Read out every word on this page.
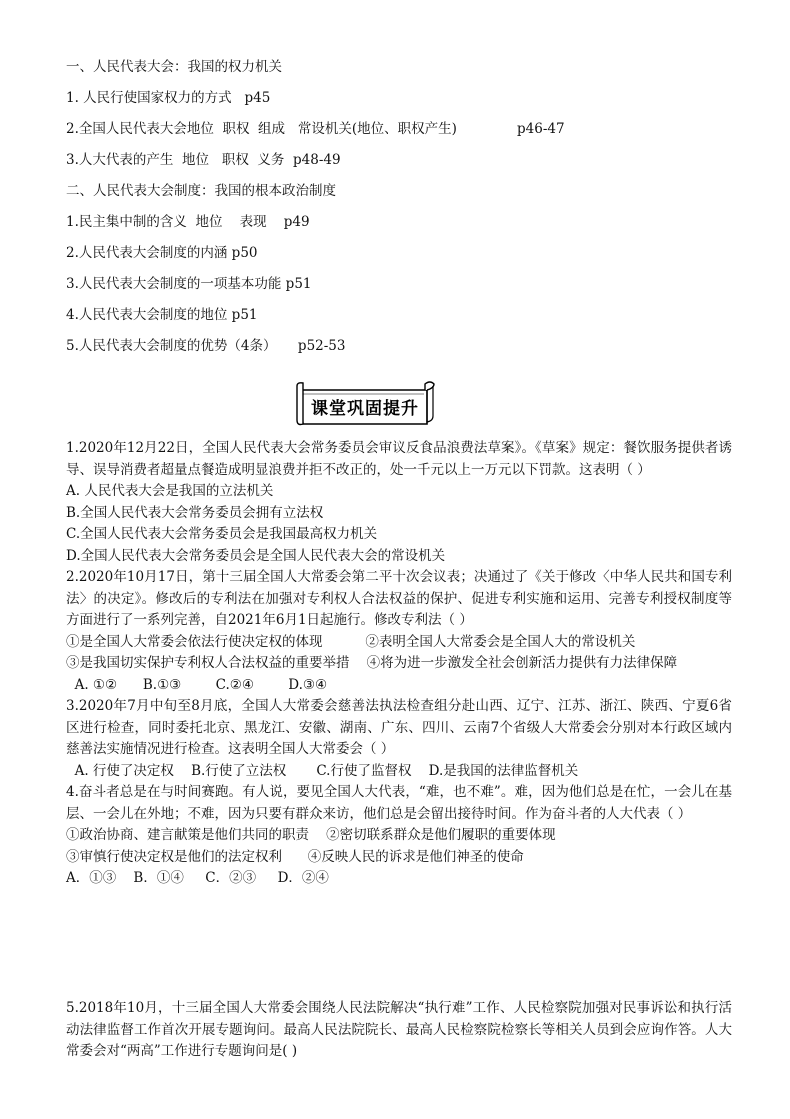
一、人民代表大会：我国的权力机关
1. 人民行使国家权力的方式   p45
2.全国人民代表大会地位  职权  组成   常设机关(地位、职权产生)              p46-47
3.人大代表的产生  地位   职权  义务  p48-49
二、人民代表大会制度：我国的根本政治制度
1.民主集中制的含义  地位    表现    p49
2.人民代表大会制度的内涵 p50
3.人民代表大会制度的一项基本功能 p51
4.人民代表大会制度的地位 p51
5.人民代表大会制度的优势（4条）     p52-53
课堂巩固提升
1.2020年12月22日，全国人民代表大会常务委员会审议反食品浪费法草案》。《草案》规定：餐饮服务提供者诱导、误导消费者超量点餐造成明显浪费并拒不改正的，处一千元以上一万元以下罚款。这表明（ ）
A. 人民代表大会是我国的立法机关
B.全国人民代表大会常务委员会拥有立法权
C.全国人民代表大会常务委员会是我国最高权力机关
D.全国人民代表大会常务委员会是全国人民代表大会的常设机关
2.2020年10月17日，第十三届全国人大常委会第二平十次会议表；决通过了《关于修改〈中华人民共和国专利法〉的决定》。修改后的专利法在加强对专利权人合法权益的保护、促进专利实施和运用、完善专利授权制度等方面进行了一系列完善，自2021年6月1日起施行。修改专利法（ ）
①是全国人大常委会依法行使决定权的体现          ②表明全国人大常委会是全国人大的常设机关
③是我国切实保护专利权人合法权益的重要举措    ④将为进一步激发全社会创新活力提供有力法律保障
A. ①②      B.①③        C.②④        D.③④
3.2020年7月中旬至8月底，全国人大常委会慈善法执法检查组分赴山西、辽宁、江苏、浙江、陕西、宁夏6省区进行检查，同时委托北京、黑龙江、安徽、湖南、广东、四川、云南7个省级人大常委会分别对本行政区域内慈善法实施情况进行检查。这表明全国人大常委会（ ）
A. 行使了决定权    B.行使了立法权       C.行使了监督权    D.是我国的法律监督机关
4.奋斗者总是在与时间赛跑。有人说，要见全国人大代表，“难，也不难”。难，因为他们总是在忙，一会儿在基层、一会儿在外地；不难，因为只要有群众来访，他们总是会留出接待时间。作为奋斗者的人大代表（ ）
①政治协商、建言献策是他们共同的职责    ②密切联系群众是他们履职的重要体现
③审慎行使决定权是他们的法定权利      ④反映人民的诉求是他们神圣的使命
A．①③    B．①④     C．②③     D．②④
5.2018年10月，十三届全国人大常委会围绕人民法院解决“执行难”工作、人民检察院加强对民事诉讼和执行活动法律监督工作首次开展专题询问。最高人民法院院长、最高人民检察院检察长等相关人员到会应询作答。人大常委会对“两高”工作进行专题询问是( )
